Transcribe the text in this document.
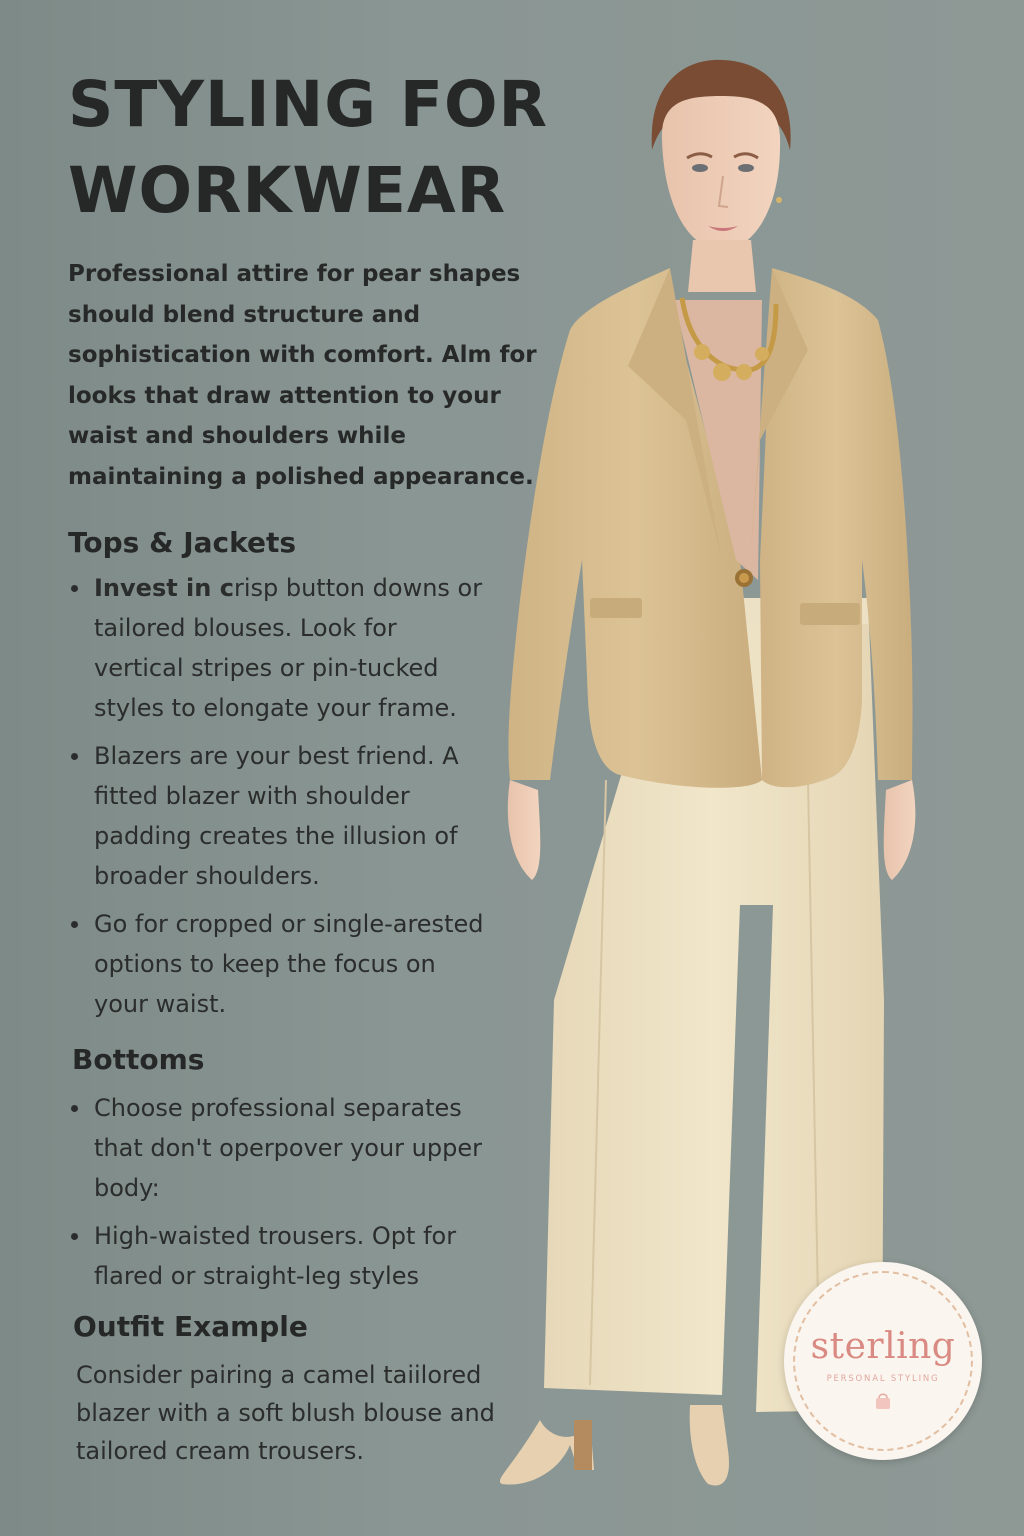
STYLING FOR WORKWEAR

Professional attire for pear shapes should blend structure and sophistication with comfort. Alm for looks that draw attention to your waist and shoulders while maintaining a polished appearance.

Tops & Jackets
Invest in crisp button downs or tailored blouses. Look for vertical stripes or pin-tucked styles to elongate your frame.
Blazers are your best friend. A fitted blazer with shoulder padding creates the illusion of broader shoulders.
Go for cropped or single-arested options to keep the focus on your waist.
Bottoms
Choose professional separates that don't operpover your upper body:
High-waisted trousers. Opt for flared or straight-leg styles
Outfit Example

Consider pairing a camel taiilored blazer with a soft blush blouse and tailored cream trousers.

sterling
PERSONAL STYLING
